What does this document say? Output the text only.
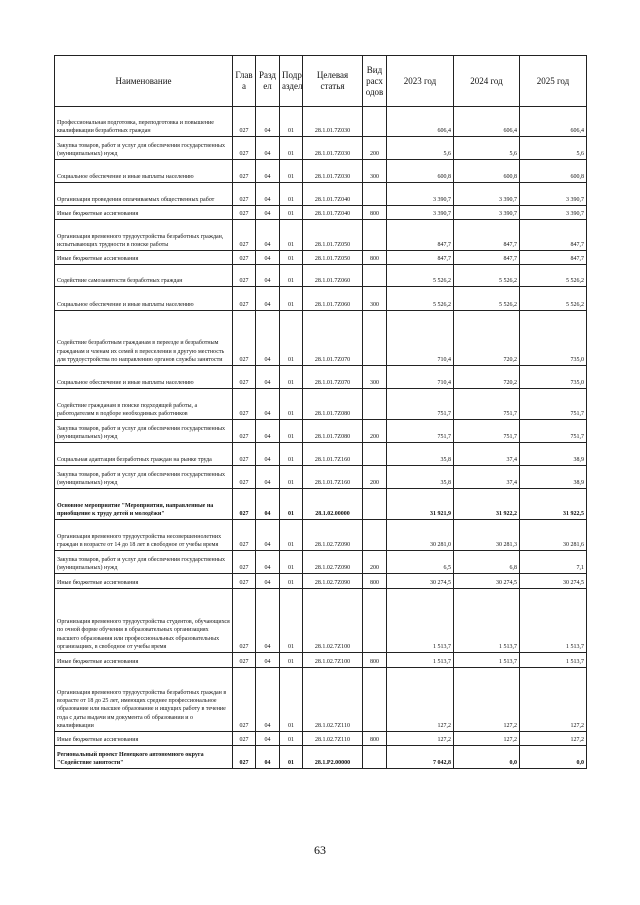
Наименование	Глав а	Разд ел	Подр аздел	Целевая статья	Вид расх одов	2023 год	2024 год	2025 год
Профессиональная подготовка, переподготовка и повышение квалификации безработных граждан	027	04	01	28.1.01.7Z030		606,4	606,4	606,4
Закупка товаров, работ и услуг для обеспечения государственных (муниципальных) нужд	027	04	01	28.1.01.7Z030	200	5,6	5,6	5,6
Социальное обеспечение и иные выплаты населению	027	04	01	28.1.01.7Z030	300	600,8	600,8	600,8
Организация проведения оплачиваемых общественных работ	027	04	01	28.1.01.7Z040		3 390,7	3 390,7	3 390,7
Иные бюджетные ассигнования	027	04	01	28.1.01.7Z040	800	3 390,7	3 390,7	3 390,7
Организация временного трудоустройства безработных граждан, испытывающих трудности в поиске работы	027	04	01	28.1.01.7Z050		847,7	847,7	847,7
Иные бюджетные ассигнования	027	04	01	28.1.01.7Z050	800	847,7	847,7	847,7
Содействие самозанятости безработных граждан	027	04	01	28.1.01.7Z060		5 526,2	5 526,2	5 526,2
Социальное обеспечение и иные выплаты населению	027	04	01	28.1.01.7Z060	300	5 526,2	5 526,2	5 526,2
Содействие безработным гражданам в переезде и безработным гражданам и членам их семей в переселении в другую местность для трудоустройства по направлению органов службы занятости	027	04	01	28.1.01.7Z070		710,4	720,2	735,0
Социальное обеспечение и иные выплаты населению	027	04	01	28.1.01.7Z070	300	710,4	720,2	735,0
Содействие гражданам в поиске подходящей работы, а работодателям в подборе необходимых работников	027	04	01	28.1.01.7Z080		751,7	751,7	751,7
Закупка товаров, работ и услуг для обеспечения государственных (муниципальных) нужд	027	04	01	28.1.01.7Z080	200	751,7	751,7	751,7
Социальная адаптация безработных граждан на рынке труда	027	04	01	28.1.01.7Z160		35,8	37,4	38,9
Закупка товаров, работ и услуг для обеспечения государственных (муниципальных) нужд	027	04	01	28.1.01.7Z160	200	35,8	37,4	38,9
Основное мероприятие "Мероприятия, направленные на приобщение к труду детей и молодёжи"	027	04	01	28.1.02.00000		31 921,9	31 922,2	31 922,5
Организация временного трудоустройства несовершеннолетних граждан в возрасте от 14 до 18 лет в свободное от учебы время	027	04	01	28.1.02.7Z090		30 281,0	30 281,3	30 281,6
Закупка товаров, работ и услуг для обеспечения государственных (муниципальных) нужд	027	04	01	28.1.02.7Z090	200	6,5	6,8	7,1
Иные бюджетные ассигнования	027	04	01	28.1.02.7Z090	800	30 274,5	30 274,5	30 274,5
Организация временного трудоустройства студентов, обучающихся по очной форме обучения в образовательных организациях высшего образования или профессиональных образовательных организациях, в свободное от учебы время	027	04	01	28.1.02.7Z100		1 513,7	1 513,7	1 513,7
Иные бюджетные ассигнования	027	04	01	28.1.02.7Z100	800	1 513,7	1 513,7	1 513,7
Организация временного трудоустройства безработных граждан в возрасте от 18 до 25 лет, имеющих среднее профессиональное образование или высшее образование и ищущих работу в течение года с даты выдачи им документа об образовании и о квалификации	027	04	01	28.1.02.7Z110		127,2	127,2	127,2
Иные бюджетные ассигнования	027	04	01	28.1.02.7Z110	800	127,2	127,2	127,2
Региональный проект Ненецкого автономного округа "Содействие занятости"	027	04	01	28.1.P2.00000		7 042,8	0,0	0,0
63
